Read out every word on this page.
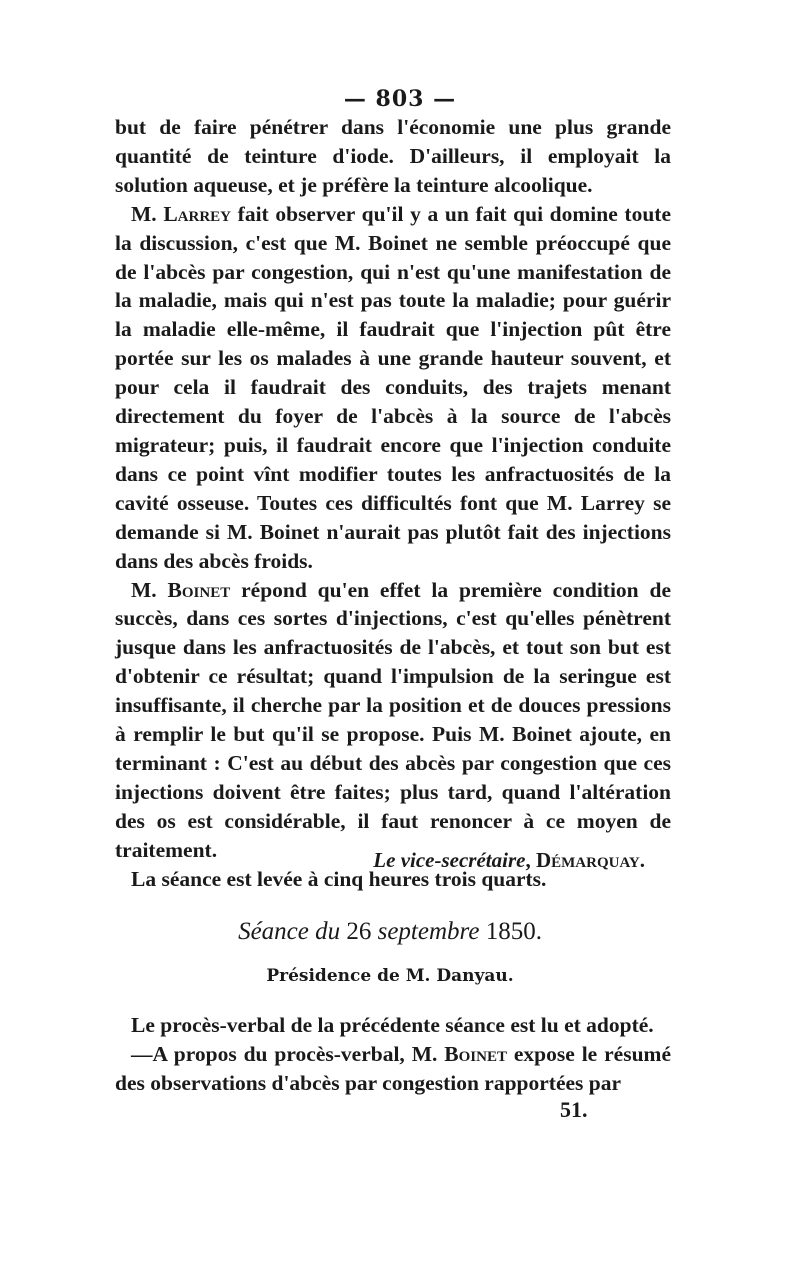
— 803 —

but de faire pénétrer dans l'économie une plus grande quantité de teinture d'iode. D'ailleurs, il employait la solution aqueuse, et je préfère la teinture alcoolique.

M. Larrey fait observer qu'il y a un fait qui domine toute la discussion, c'est que M. Boinet ne semble préoccupé que de l'abcès par congestion, qui n'est qu'une manifestation de la maladie, mais qui n'est pas toute la maladie; pour guérir la maladie elle-même, il faudrait que l'injection pût être portée sur les os malades à une grande hauteur souvent, et pour cela il faudrait des conduits, des trajets menant directement du foyer de l'abcès à la source de l'abcès migrateur; puis, il faudrait encore que l'injection conduite dans ce point vînt modifier toutes les anfractuosités de la cavité osseuse. Toutes ces difficultés font que M. Larrey se demande si M. Boinet n'aurait pas plutôt fait des injections dans des abcès froids.

M. Boinet répond qu'en effet la première condition de succès, dans ces sortes d'injections, c'est qu'elles pénètrent jusque dans les anfractuosités de l'abcès, et tout son but est d'obtenir ce résultat; quand l'impulsion de la seringue est insuffisante, il cherche par la position et de douces pressions à remplir le but qu'il se propose. Puis M. Boinet ajoute, en terminant : C'est au début des abcès par congestion que ces injections doivent être faites; plus tard, quand l'altération des os est considérable, il faut renoncer à ce moyen de traitement.

La séance est levée à cinq heures trois quarts.

Le vice-secrétaire, Démarquay.
Séance du 26 septembre 1850.
Présidence de M. Danyau.

Le procès-verbal de la précédente séance est lu et adopté.

—A propos du procès-verbal, M. Boinet expose le résumé des observations d'abcès par congestion rapportées par

51.
